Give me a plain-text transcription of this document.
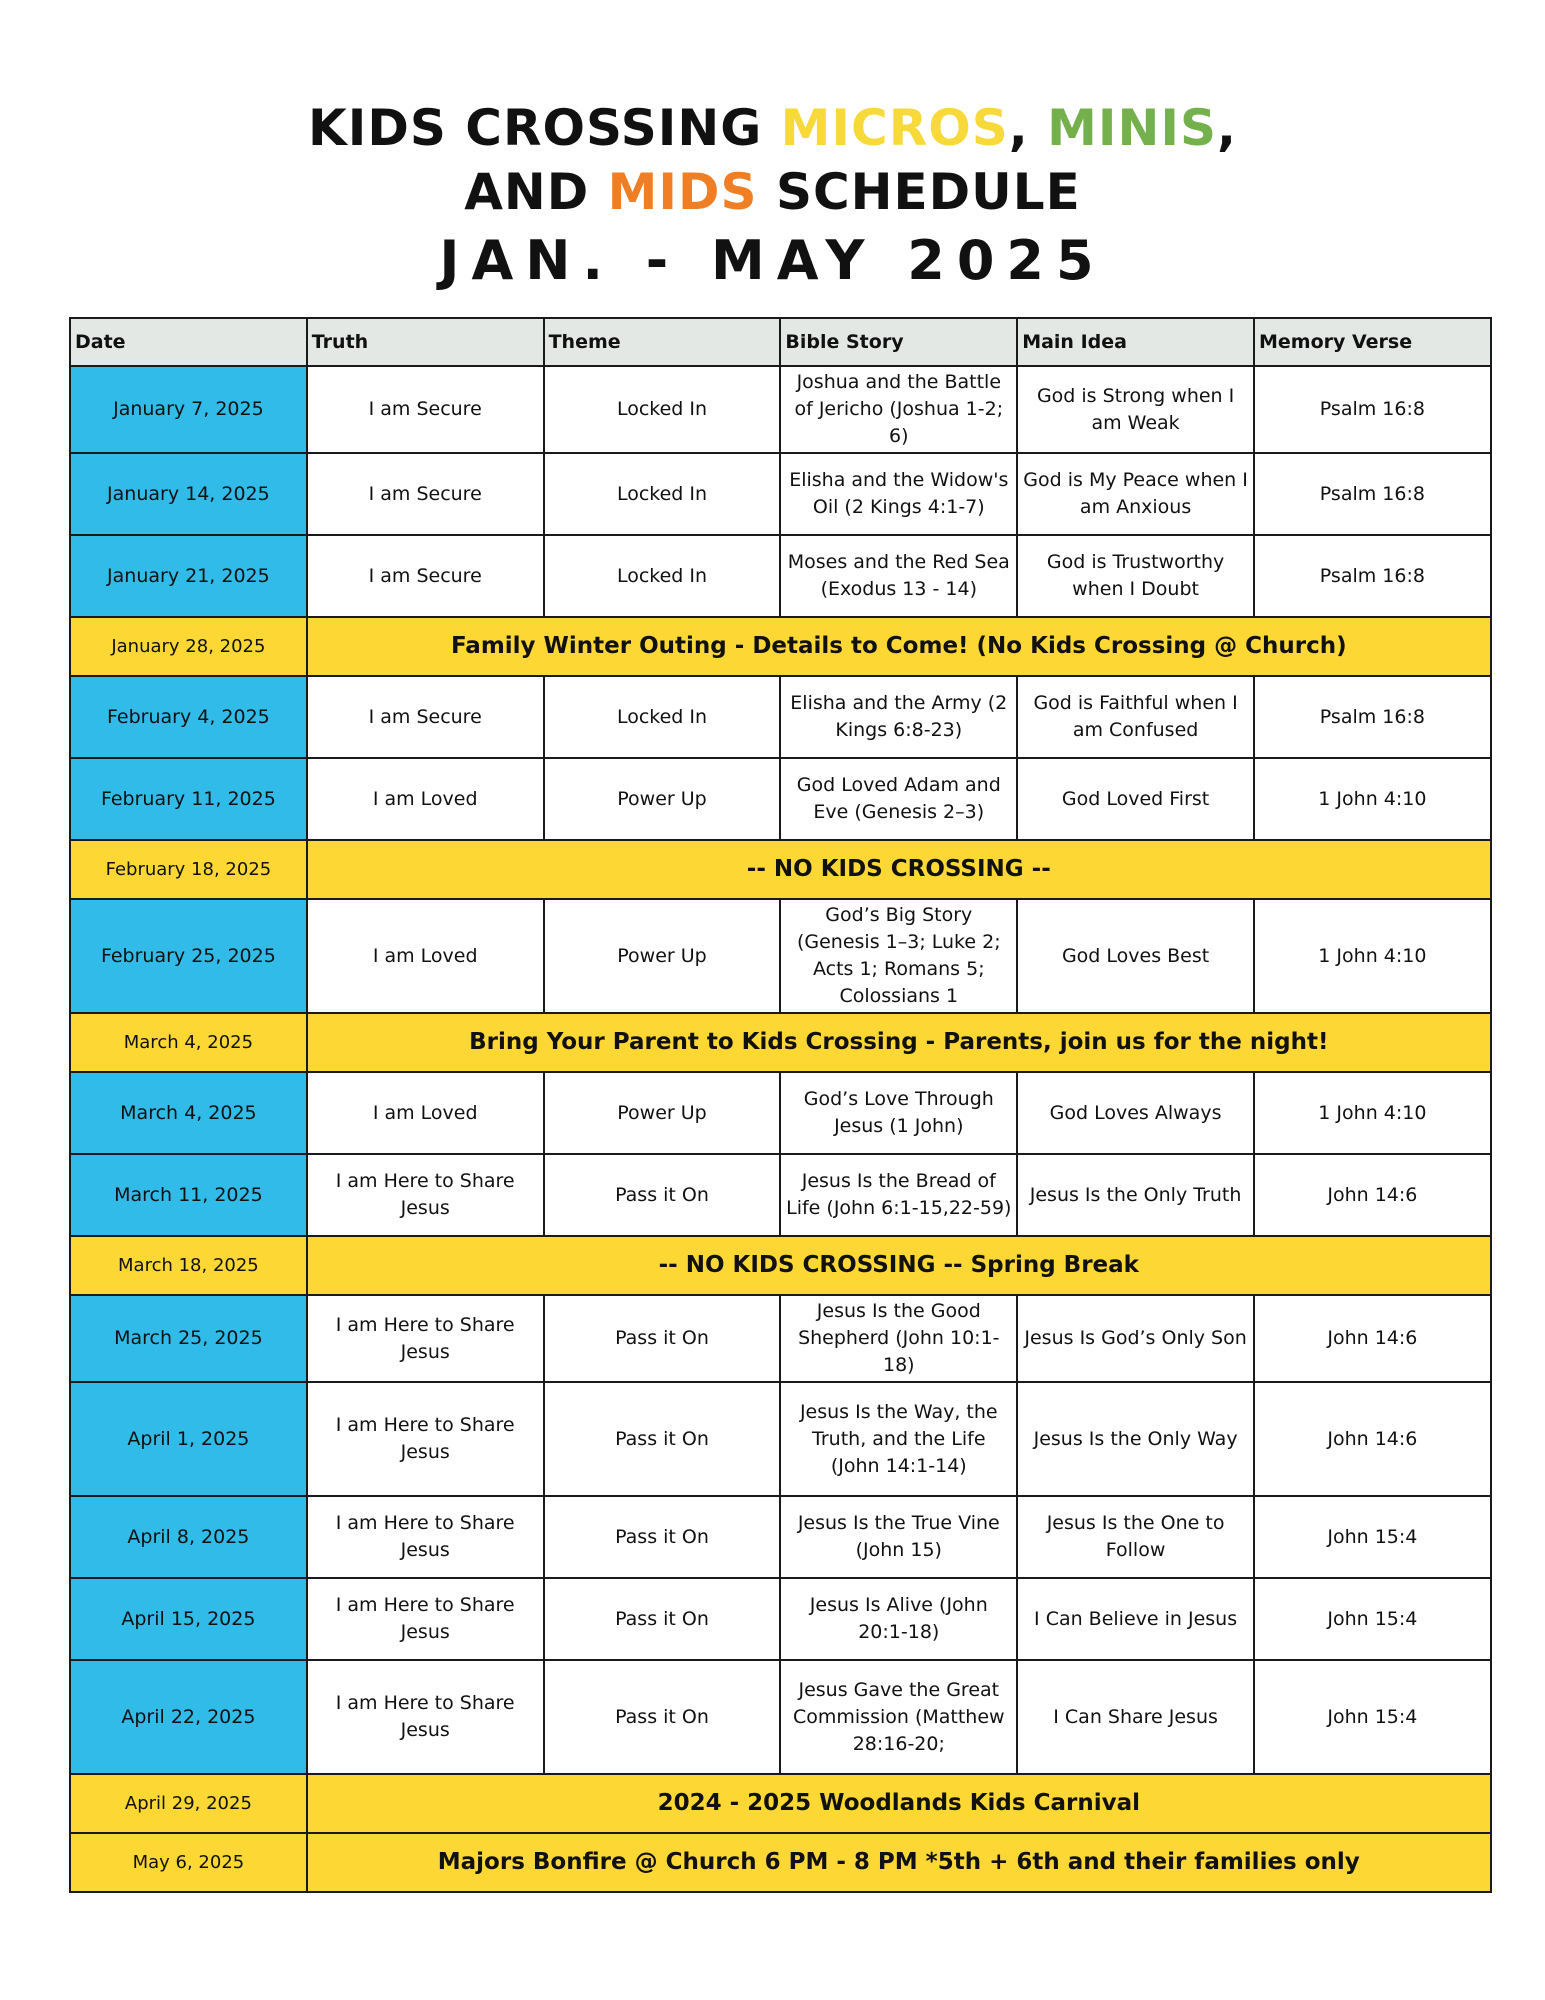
KIDS CROSSING MICROS, MINIS,
AND MIDS SCHEDULE
JAN. - MAY 2025
Date	Truth	Theme	Bible Story	Main Idea	Memory Verse
January 7, 2025	I am Secure	Locked In	Joshua and the Battle of Jericho (Joshua 1-2; 6)	God is Strong when I am Weak	Psalm 16:8
January 14, 2025	I am Secure	Locked In	Elisha and the Widow's Oil (2 Kings 4:1-7)	God is My Peace when I am Anxious	Psalm 16:8
January 21, 2025	I am Secure	Locked In	Moses and the Red Sea (Exodus 13 - 14)	God is Trustworthy when I Doubt	Psalm 16:8
January 28, 2025	Family Winter Outing - Details to Come! (No Kids Crossing @ Church)				
February 4, 2025	I am Secure	Locked In	Elisha and the Army (2 Kings 6:8-23)	God is Faithful when I am Confused	Psalm 16:8
February 11, 2025	I am Loved	Power Up	God Loved Adam and Eve (Genesis 2–3)	God Loved First	1 John 4:10
February 18, 2025	-- NO KIDS CROSSING --				
February 25, 2025	I am Loved	Power Up	God’s Big Story (Genesis 1–3; Luke 2; Acts 1; Romans 5; Colossians 1	God Loves Best	1 John 4:10
March 4, 2025	Bring Your Parent to Kids Crossing - Parents, join us for the night!				
March 4, 2025	I am Loved	Power Up	God’s Love Through Jesus (1 John)	God Loves Always	1 John 4:10
March 11, 2025	I am Here to Share Jesus	Pass it On	Jesus Is the Bread of Life (John 6:1-15,22-59)	Jesus Is the Only Truth	John 14:6
March 18, 2025	-- NO KIDS CROSSING -- Spring Break				
March 25, 2025	I am Here to Share Jesus	Pass it On	Jesus Is the Good Shepherd (John 10:1-18)	Jesus Is God’s Only Son	John 14:6
April 1, 2025	I am Here to Share Jesus	Pass it On	Jesus Is the Way, the Truth, and the Life (John 14:1-14)	Jesus Is the Only Way	John 14:6
April 8, 2025	I am Here to Share Jesus	Pass it On	Jesus Is the True Vine (John 15)	Jesus Is the One to Follow	John 15:4
April 15, 2025	I am Here to Share Jesus	Pass it On	Jesus Is Alive (John 20:1-18)	I Can Believe in Jesus	John 15:4
April 22, 2025	I am Here to Share Jesus	Pass it On	Jesus Gave the Great Commission (Matthew 28:16-20;	I Can Share Jesus	John 15:4
April 29, 2025	2024 - 2025 Woodlands Kids Carnival				
May 6, 2025	Majors Bonfire @ Church 6 PM - 8 PM *5th + 6th and their families only				
